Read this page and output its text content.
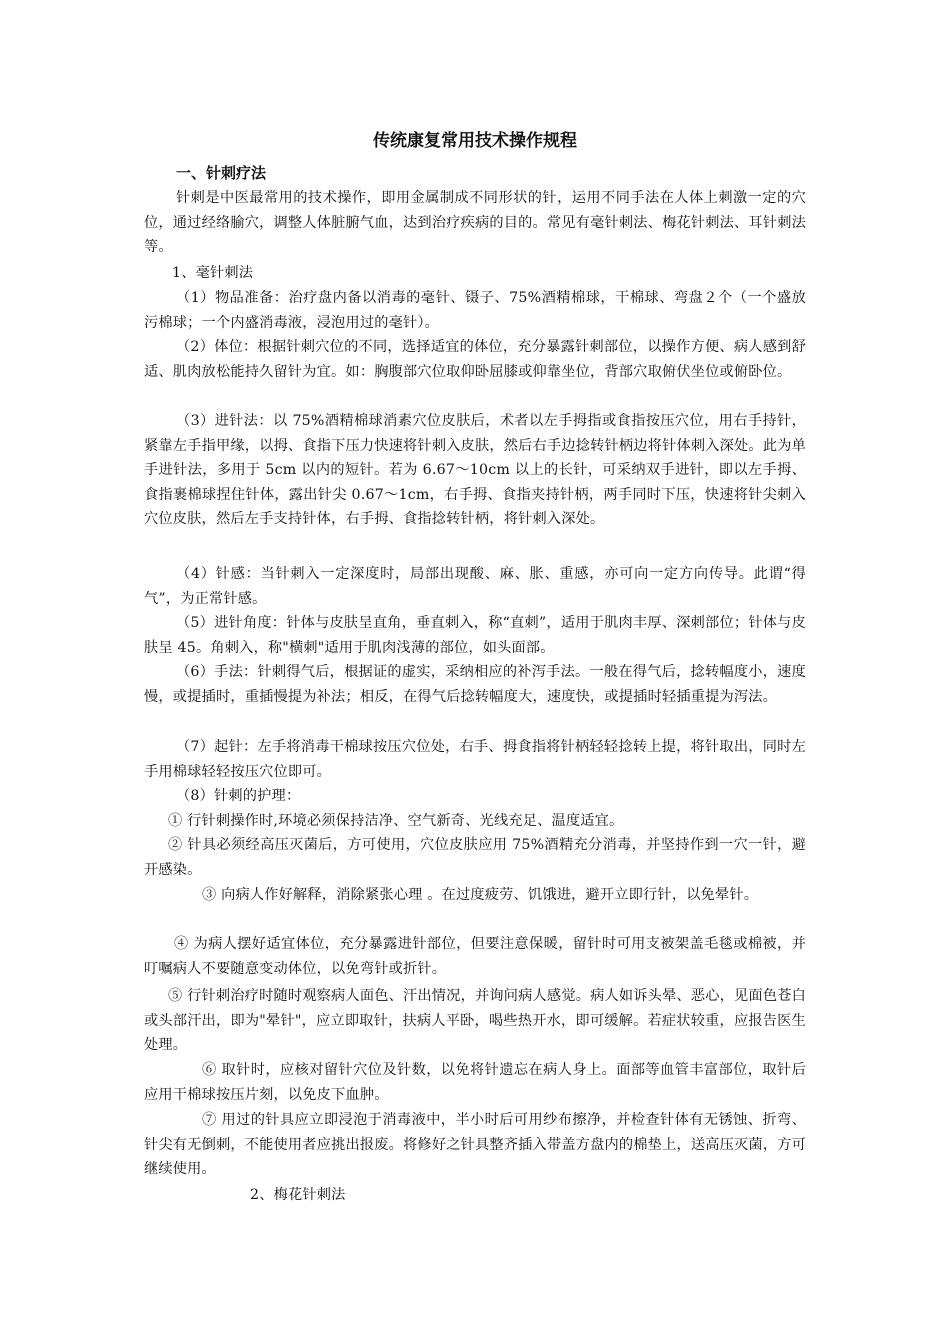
传统康复常用技术操作规程
一、针刺疗法

针刺是中医最常用的技术操作，即用金属制成不同形状的针，运用不同手法在人体上刺激一定的穴位，通过经络腧穴，调整人体脏腑气血，达到治疗疾病的目的。常见有毫针刺法、梅花针刺法、耳针刺法等。

1、毫针刺法

（1）物品准备：治疗盘内备以消毒的毫针、镊子、75%酒精棉球，干棉球、弯盘２个（一个盛放污棉球；一个内盛消毒液，浸泡用过的毫针）。

（2）体位：根据针刺穴位的不同，选择适宜的体位，充分暴露针刺部位，以操作方便、病人感到舒适、肌肉放松能持久留针为宜。如：胸腹部穴位取仰卧屈膝或仰靠坐位，背部穴取俯伏坐位或俯卧位。

（3）进针法：以 75%酒精棉球消素穴位皮肤后，术者以左手拇指或食指按压穴位，用右手持针，紧靠左手指甲缘，以拇、食指下压力快速将针刺入皮肤，然后右手边捻转针柄边将针体刺入深处。此为单手进针法，多用于 5cm 以内的短针。若为 6.67～10cm 以上的长针，可采纳双手进针，即以左手拇、食指裹棉球捏住针体，露出针尖 0.67～1cm，右手拇、食指夹持针柄，两手同时下压，快速将针尖刺入穴位皮肤，然后左手支持针体，右手拇、食指捻转针柄，将针刺入深处。

（4）针感：当针刺入一定深度时，局部出现酸、麻、胀、重感，亦可向一定方向传导。此谓“得气”，为正常针感。

（5）进针角度：针体与皮肤呈直角，垂直刺入，称“直刺”，适用于肌肉丰厚、深刺部位；针体与皮肤呈 45。角刺入，称"横刺"适用于肌肉浅薄的部位，如头面部。

（6）手法：针刺得气后，根据证的虚实，采纳相应的补泻手法。一般在得气后，捻转幅度小，速度慢，或提插时，重插慢提为补法；相反，在得气后捻转幅度大，速度快，或提插时轻插重提为泻法。

（7）起针：左手将消毒干棉球按压穴位处，右手、拇食指将针柄轻轻捻转上提，将针取出，同时左手用棉球轻轻按压穴位即可。

（8）针刺的护理：

① 行针刺操作时,环境必须保持洁净、空气新奇、光线充足、温度适宜。

② 针具必须经高压灭菌后，方可使用，穴位皮肤应用 75%酒精充分消毒，并坚持作到一穴一针，避开感染。

③ 向病人作好解释，消除紧张心理 。在过度疲劳、饥饿进，避开立即行针，以免晕针。

④ 为病人摆好适宜体位，充分暴露进针部位，但要注意保暖，留针时可用支被架盖毛毯或棉被，并叮嘱病人不要随意变动体位，以免弯针或折针。

⑤ 行针刺治疗时随时观察病人面色、汗出情况，并询问病人感觉。病人如诉头晕、恶心，见面色苍白或头部汗出，即为"晕针"，应立即取针，扶病人平卧，喝些热开水，即可缓解。若症状较重，应报告医生处理。

⑥ 取针时，应核对留针穴位及针数，以免将针遗忘在病人身上。面部等血管丰富部位，取针后应用干棉球按压片刻，以免皮下血肿。

⑦ 用过的针具应立即浸泡于消毒液中，半小时后可用纱布擦净，并检查针体有无锈蚀、折弯、针尖有无倒刺，不能使用者应挑出报废。将修好之针具整齐插入带盖方盘内的棉垫上，送高压灭菌，方可继续使用。

2、梅花针刺法
